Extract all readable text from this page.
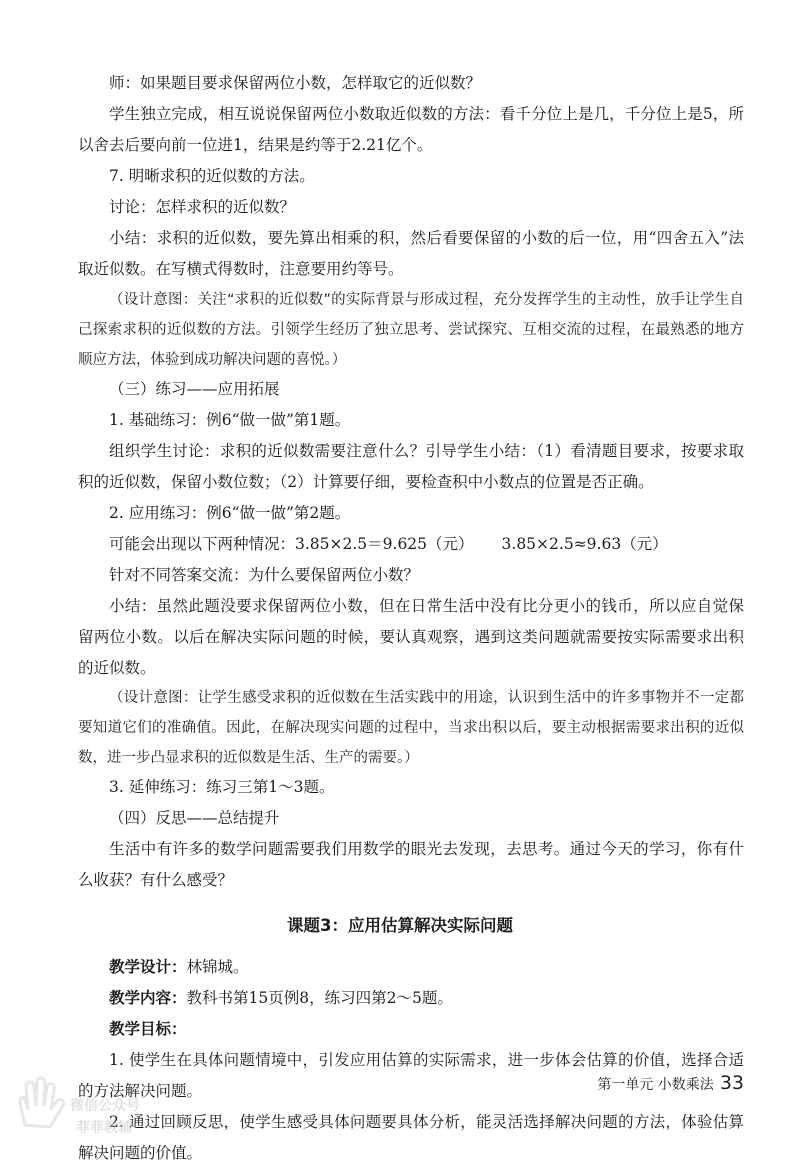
师：如果题目要求保留两位小数，怎样取它的近似数？
学生独立完成，相互说说保留两位小数取近似数的方法：看千分位上是几，千分位上是5，所以舍去后要向前一位进1，结果是约等于2.21亿个。
7. 明晰求积的近似数的方法。
讨论：怎样求积的近似数？
小结：求积的近似数，要先算出相乘的积，然后看要保留的小数的后一位，用“四舍五入”法取近似数。在写横式得数时，注意要用约等号。
（设计意图：关注“求积的近似数”的实际背景与形成过程，充分发挥学生的主动性，放手让学生自己探索求积的近似数的方法。引领学生经历了独立思考、尝试探究、互相交流的过程，在最熟悉的地方顺应方法，体验到成功解决问题的喜悦。）
（三）练习——应用拓展
1. 基础练习：例6“做一做”第1题。
组织学生讨论：求积的近似数需要注意什么？引导学生小结：（1）看清题目要求，按要求取积的近似数，保留小数位数；（2）计算要仔细，要检查积中小数点的位置是否正确。
2. 应用练习：例6“做一做”第2题。
可能会出现以下两种情况：3.85×2.5＝9.625（元） 3.85×2.5≈9.63（元）
针对不同答案交流：为什么要保留两位小数？
小结：虽然此题没要求保留两位小数，但在日常生活中没有比分更小的钱币，所以应自觉保留两位小数。以后在解决实际问题的时候，要认真观察，遇到这类问题就需要按实际需要求出积的近似数。
（设计意图：让学生感受求积的近似数在生活实践中的用途，认识到生活中的许多事物并不一定都要知道它们的准确值。因此，在解决现实问题的过程中，当求出积以后，要主动根据需要求出积的近似数，进一步凸显求积的近似数是生活、生产的需要。）
3. 延伸练习：练习三第1～3题。
（四）反思——总结提升
生活中有许多的数学问题需要我们用数学的眼光去发现，去思考。通过今天的学习，你有什么收获？有什么感受？
课题3：应用估算解决实际问题
教学设计：林锦城。
教学内容：教科书第15页例8，练习四第2～5题。
教学目标：
1. 使学生在具体问题情境中，引发应用估算的实际需求，进一步体会估算的价值，选择合适的方法解决问题。
2. 通过回顾反思，使学生感受具体问题要具体分析，能灵活选择解决问题的方法，体验估算解决问题的价值。
微信公众号
菲菲教辅
第一单元 小数乘法 33
